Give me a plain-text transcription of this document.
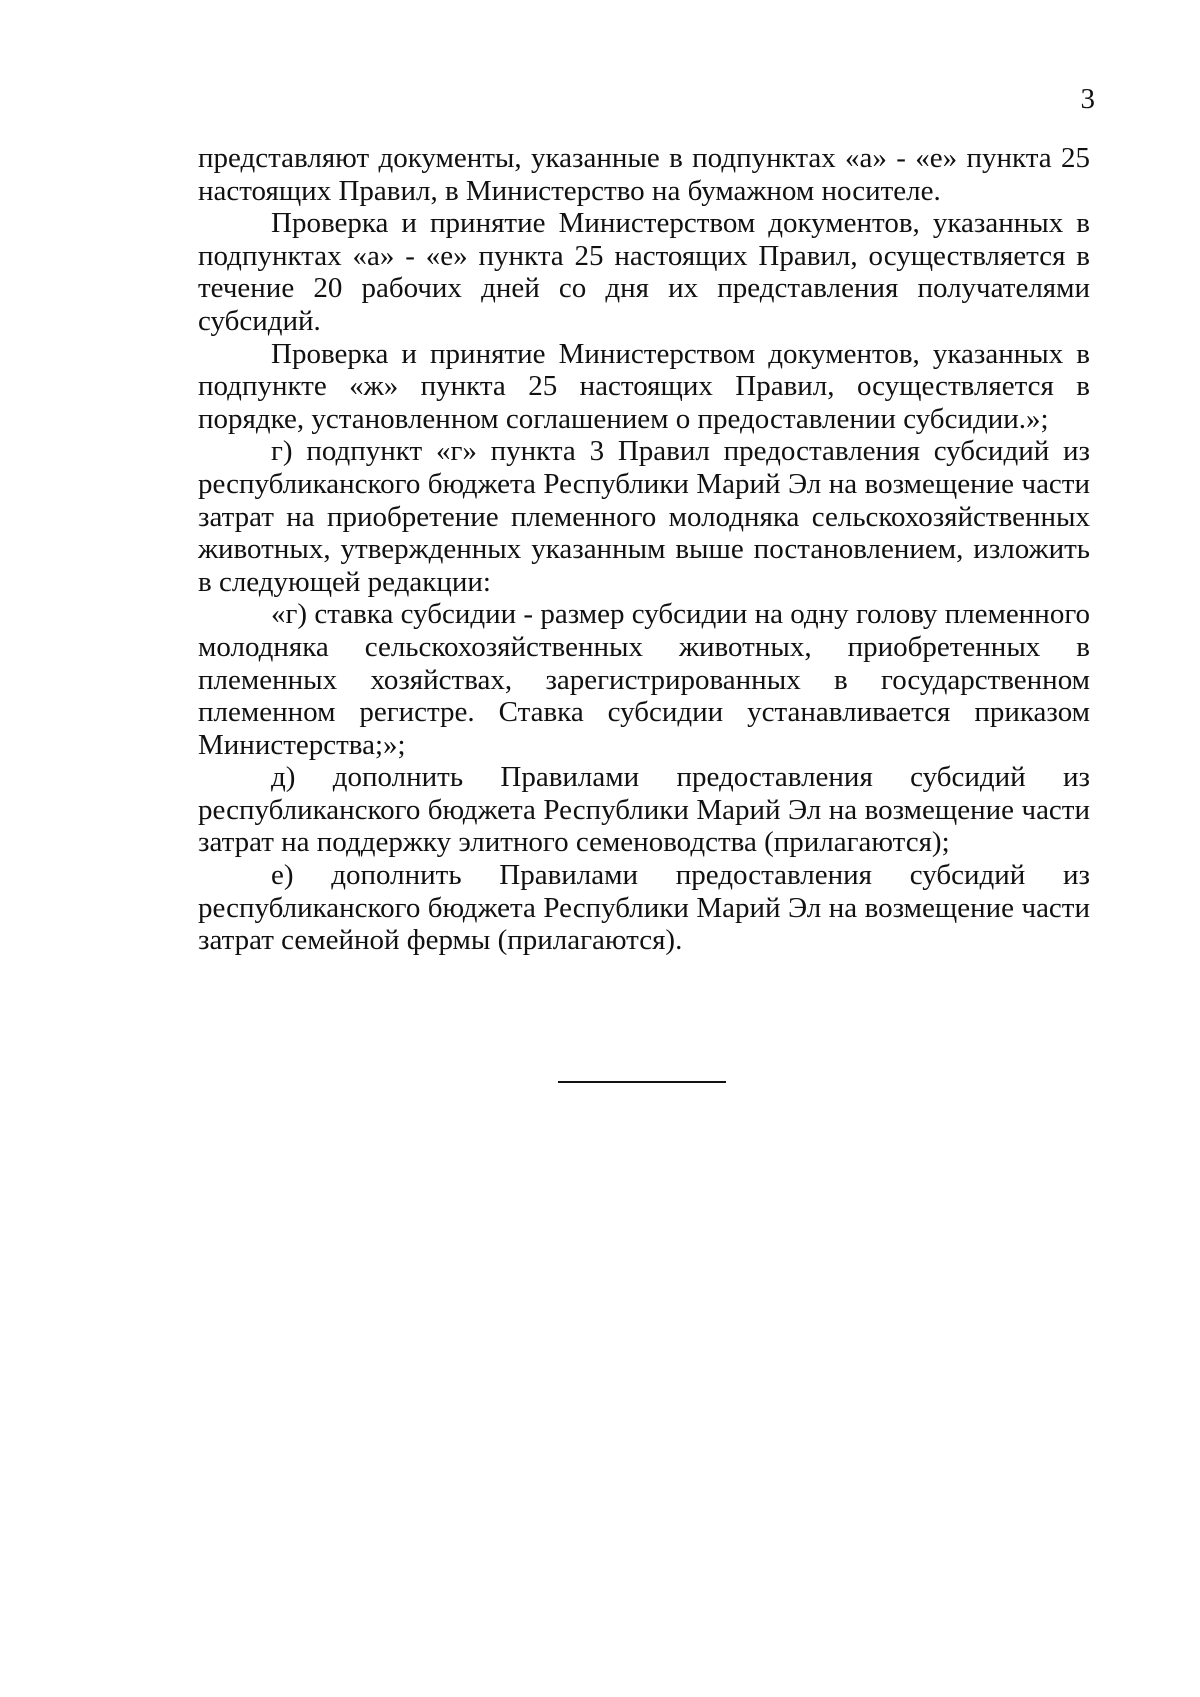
3

представляют документы, указанные в подпунктах «а» - «е» пункта 25 настоящих Правил, в Министерство на бумажном носителе.

Проверка и принятие Министерством документов, указанных в подпунктах «а» - «е» пункта 25 настоящих Правил, осуществляется в течение 20 рабочих дней со дня их представления получателями субсидий.

Проверка и принятие Министерством документов, указанных в подпункте «ж» пункта 25 настоящих Правил, осуществляется в порядке, установленном соглашением о предоставлении субсидии.»;

г) подпункт «г» пункта 3 Правил предоставления субсидий из республиканского бюджета Республики Марий Эл на возмещение части затрат на приобретение племенного молодняка сельскохозяйственных животных, утвержденных указанным выше постановлением, изложить в следующей редакции:

«г) ставка субсидии - размер субсидии на одну голову племенного молодняка сельскохозяйственных животных, приобретенных в племенных хозяйствах, зарегистрированных в государственном племенном регистре. Ставка субсидии устанавливается приказом Министерства;»;

д) дополнить Правилами предоставления субсидий из республиканского бюджета Республики Марий Эл на возмещение части затрат на поддержку элитного семеноводства (прилагаются);

е) дополнить Правилами предоставления субсидий из республиканского бюджета Республики Марий Эл на возмещение части затрат семейной фермы (прилагаются).
